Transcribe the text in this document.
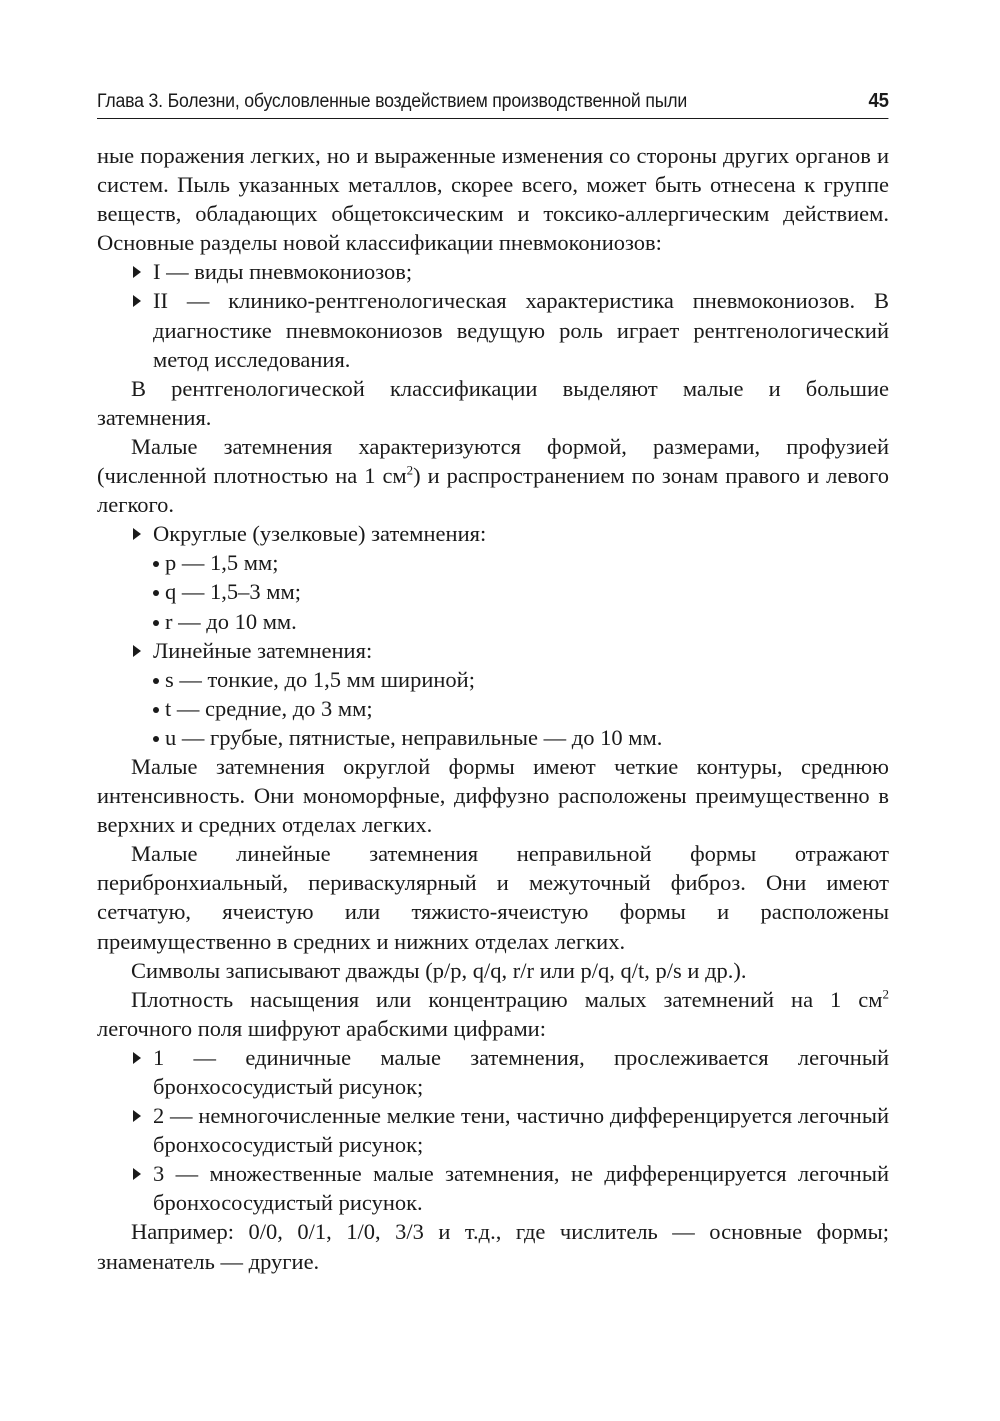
Глава 3. Болезни, обусловленные воздействием производственной пыли	45

ные поражения легких, но и выраженные изменения со стороны других органов и систем. Пыль указанных металлов, скорее всего, может быть отнесена к группе веществ, обладающих общетоксическим и токсико-аллергическим действием. Основные разделы новой классификации пневмокониозов:

I — виды пневмокониозов;
II — клинико-рентгенологическая характеристика пневмокониозов. В диагностике пневмокониозов ведущую роль играет рентгенологический метод исследования.

В рентгенологической классификации выделяют малые и большие затемнения.

Малые затемнения характеризуются формой, размерами, профузией (численной плотностью на 1 $см^2$) и распространением по зонам правого и левого легкого.

Округлые (узелковые) затемнения:
p — 1,5 мм;
q — 1,5–3 мм;
r — до 10 мм.
Линейные затемнения:
s — тонкие, до 1,5 мм шириной;
t — средние, до 3 мм;
u — грубые, пятнистые, неправильные — до 10 мм.

Малые затемнения округлой формы имеют четкие контуры, среднюю интенсивность. Они мономорфные, диффузно расположены преимущественно в верхних и средних отделах легких.

Малые линейные затемнения неправильной формы отражают перибронхиальный, периваскулярный и межуточный фиброз. Они имеют сетчатую, ячеистую или тяжисто-ячеистую формы и расположены преимущественно в средних и нижних отделах легких.

Символы записывают дважды (p/p, q/q, r/r или p/q, q/t, p/s и др.).

Плотность насыщения или концентрацию малых затемнений на 1 $см^2$ легочного поля шифруют арабскими цифрами:

1 — единичные малые затемнения, прослеживается легочный бронхососудистый рисунок;
2 — немногочисленные мелкие тени, частично дифференцируется легочный бронхососудистый рисунок;
3 — множественные малые затемнения, не дифференцируется легочный бронхососудистый рисунок.

Например: 0/0, 0/1, 1/0, 3/3 и т.д., где числитель — основные формы; знаменатель — другие.
